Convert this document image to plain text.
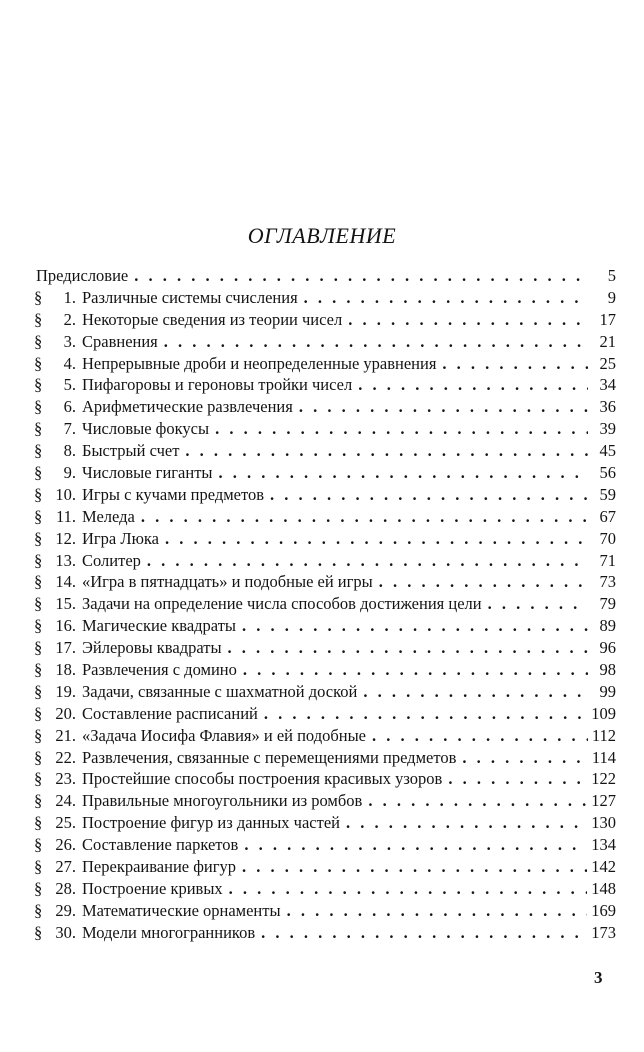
ОГЛАВЛЕНИЕ
Предисловие . . .	5
§ 1. Различные системы счисления . . .	9
§ 2. Некоторые сведения из теории чисел . . .	17
§ 3. Сравнения . . .	21
§ 4. Непрерывные дроби и неопределенные уравнения . . .	25
§ 5. Пифагоровы и героновы тройки чисел . . .	34
§ 6. Арифметические развлечения . . .	36
§ 7. Числовые фокусы . . .	39
§ 8. Быстрый счет . . .	45
§ 9. Числовые гиганты . . .	56
§ 10. Игры с кучами предметов . . .	59
§ 11. Меледа . . .	67
§ 12. Игра Люка . . .	70
§ 13. Солитер . . .	71
§ 14. «Игра в пятнадцать» и подобные ей игры . . .	73
§ 15. Задачи на определение числа способов достижения цели . . .	79
§ 16. Магические квадраты . . .	89
§ 17. Эйлеровы квадраты . . .	96
§ 18. Развлечения с домино . . .	98
§ 19. Задачи, связанные с шахматной доской . . .	99
§ 20. Составление расписаний . . .	109
§ 21. «Задача Иосифа Флавия» и ей подобные . . .	112
§ 22. Развлечения, связанные с перемещениями предметов . . .	114
§ 23. Простейшие способы построения красивых узоров . . .	122
§ 24. Правильные многоугольники из ромбов . . .	127
§ 25. Построение фигур из данных частей . . .	130
§ 26. Составление паркетов . . .	134
§ 27. Перекраивание фигур . . .	142
§ 28. Построение кривых . . .	148
§ 29. Математические орнаменты . . .	169
§ 30. Модели многогранников . . .	173
3
